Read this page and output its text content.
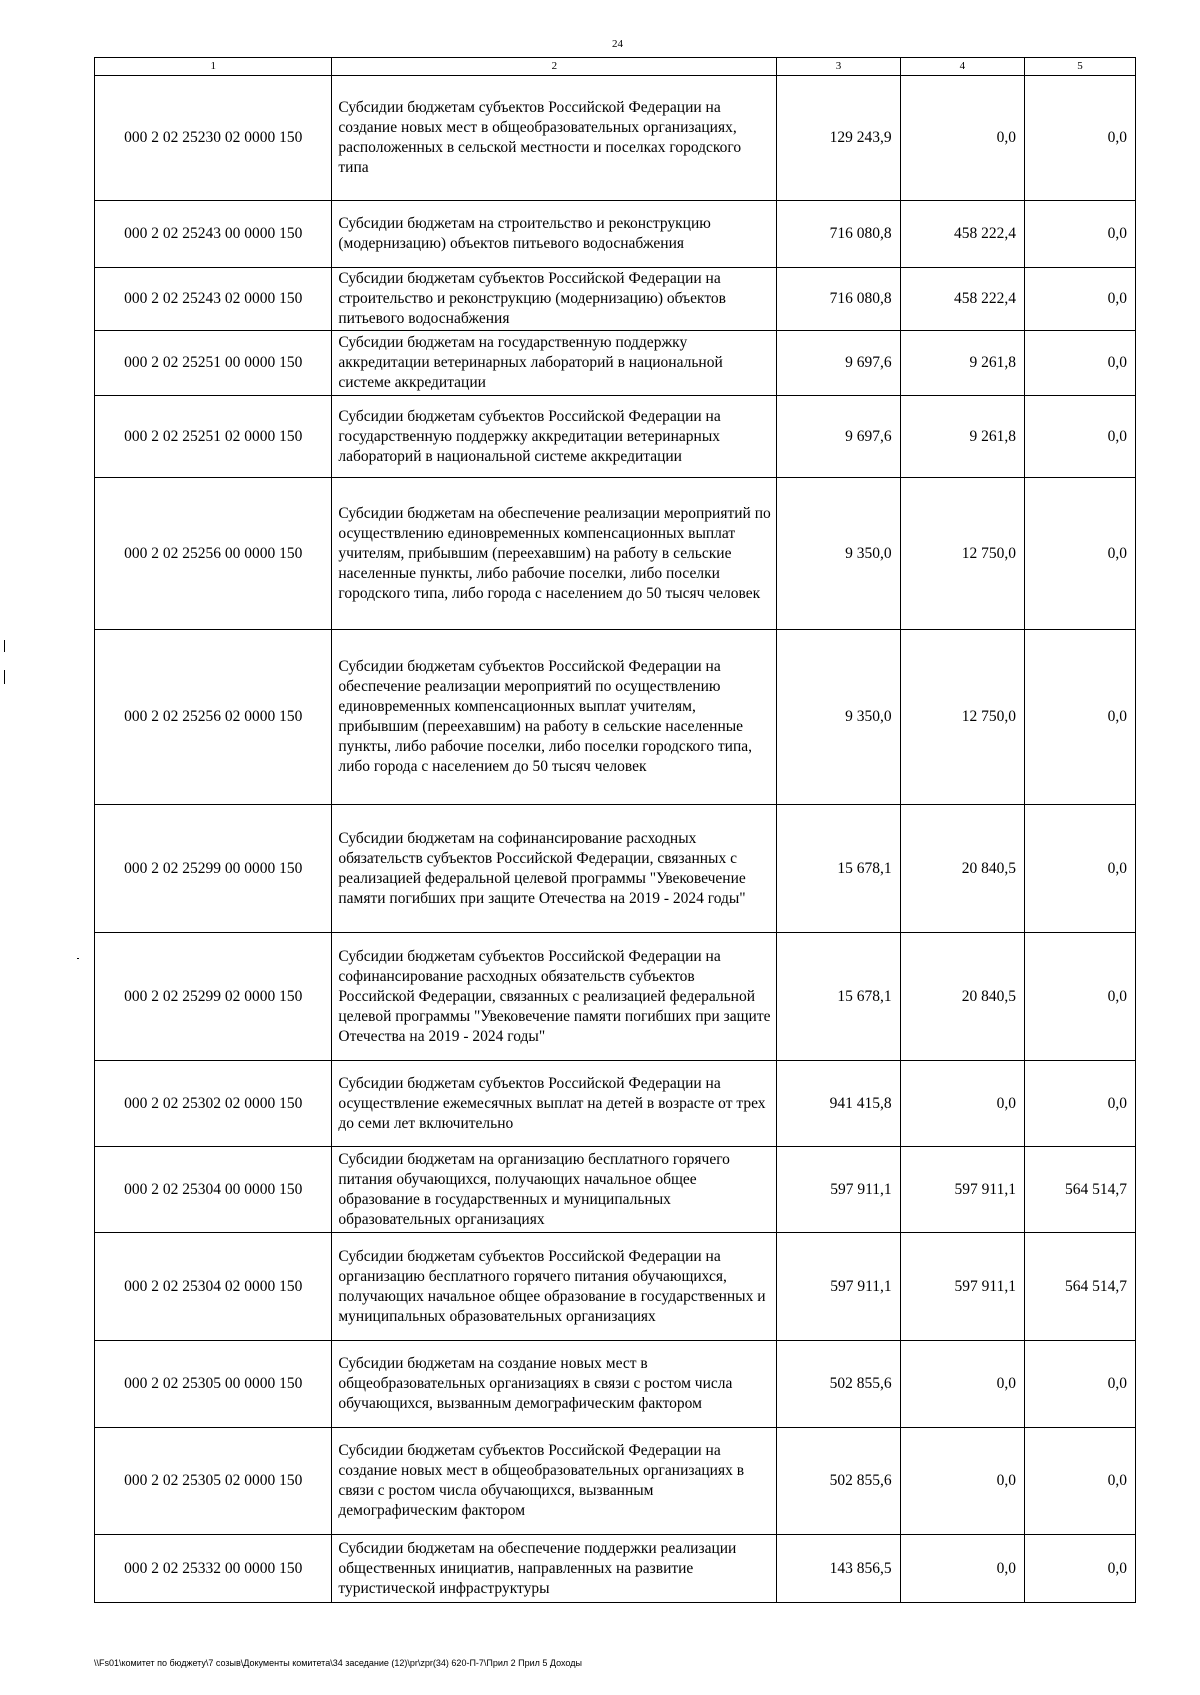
24
1	2	3	4	5
000 2 02 25230 02 0000 150	Субсидии бюджетам субъектов Российской Федерации на создание новых мест в общеобразовательных организациях, расположенных в сельской местности и поселках городского типа	129 243,9	0,0	0,0
000 2 02 25243 00 0000 150	Субсидии бюджетам на строительство и реконструкцию (модернизацию) объектов питьевого водоснабжения	716 080,8	458 222,4	0,0
000 2 02 25243 02 0000 150	Субсидии бюджетам субъектов Российской Федерации на строительство и реконструкцию (модернизацию) объектов питьевого водоснабжения	716 080,8	458 222,4	0,0
000 2 02 25251 00 0000 150	Субсидии бюджетам на государственную поддержку аккредитации ветеринарных лабораторий в национальной системе аккредитации	9 697,6	9 261,8	0,0
000 2 02 25251 02 0000 150	Субсидии бюджетам субъектов Российской Федерации на государственную поддержку аккредитации ветеринарных лабораторий в национальной системе аккредитации	9 697,6	9 261,8	0,0
000 2 02 25256 00 0000 150	Субсидии бюджетам на обеспечение реализации мероприятий по осуществлению единовременных компенсационных выплат учителям, прибывшим (переехавшим) на работу в сельские населенные пункты, либо рабочие поселки, либо поселки городского типа, либо города с населением до 50 тысяч человек	9 350,0	12 750,0	0,0
000 2 02 25256 02 0000 150	Субсидии бюджетам субъектов Российской Федерации на обеспечение реализации мероприятий по осуществлению единовременных компенсационных выплат учителям, прибывшим (переехавшим) на работу в сельские населенные пункты, либо рабочие поселки, либо поселки городского типа, либо города с населением до 50 тысяч человек	9 350,0	12 750,0	0,0
000 2 02 25299 00 0000 150	Субсидии бюджетам на софинансирование расходных обязательств субъектов Российской Федерации, связанных с реализацией федеральной целевой программы "Увековечение памяти погибших при защите Отечества на 2019 - 2024 годы"	15 678,1	20 840,5	0,0
000 2 02 25299 02 0000 150	Субсидии бюджетам субъектов Российской Федерации на софинансирование расходных обязательств субъектов Российской Федерации, связанных с реализацией федеральной целевой программы "Увековечение памяти погибших при защите Отечества на 2019 - 2024 годы"	15 678,1	20 840,5	0,0
000 2 02 25302 02 0000 150	Субсидии бюджетам субъектов Российской Федерации на осуществление ежемесячных выплат на детей в возрасте от трех до семи лет включительно	941 415,8	0,0	0,0
000 2 02 25304 00 0000 150	Субсидии бюджетам на организацию бесплатного горячего питания обучающихся, получающих начальное общее образование в государственных и муниципальных образовательных организациях	597 911,1	597 911,1	564 514,7
000 2 02 25304 02 0000 150	Субсидии бюджетам субъектов Российской Федерации на организацию бесплатного горячего питания обучающихся, получающих начальное общее образование в государственных и муниципальных образовательных организациях	597 911,1	597 911,1	564 514,7
000 2 02 25305 00 0000 150	Субсидии бюджетам на создание новых мест в общеобразовательных организациях в связи с ростом числа обучающихся, вызванным демографическим фактором	502 855,6	0,0	0,0
000 2 02 25305 02 0000 150	Субсидии бюджетам субъектов Российской Федерации на создание новых мест в общеобразовательных организациях в связи с ростом числа обучающихся, вызванным демографическим фактором	502 855,6	0,0	0,0
000 2 02 25332 00 0000 150	Субсидии бюджетам на обеспечение поддержки реализации общественных инициатив, направленных на развитие туристической инфраструктуры	143 856,5	0,0	0,0
\\Fs01\комитет по бюджету\7 созыв\Документы комитета\34 заседание (12)\pr\zpr(34) 620-П-7\Прил 2 Прил 5 Доходы
